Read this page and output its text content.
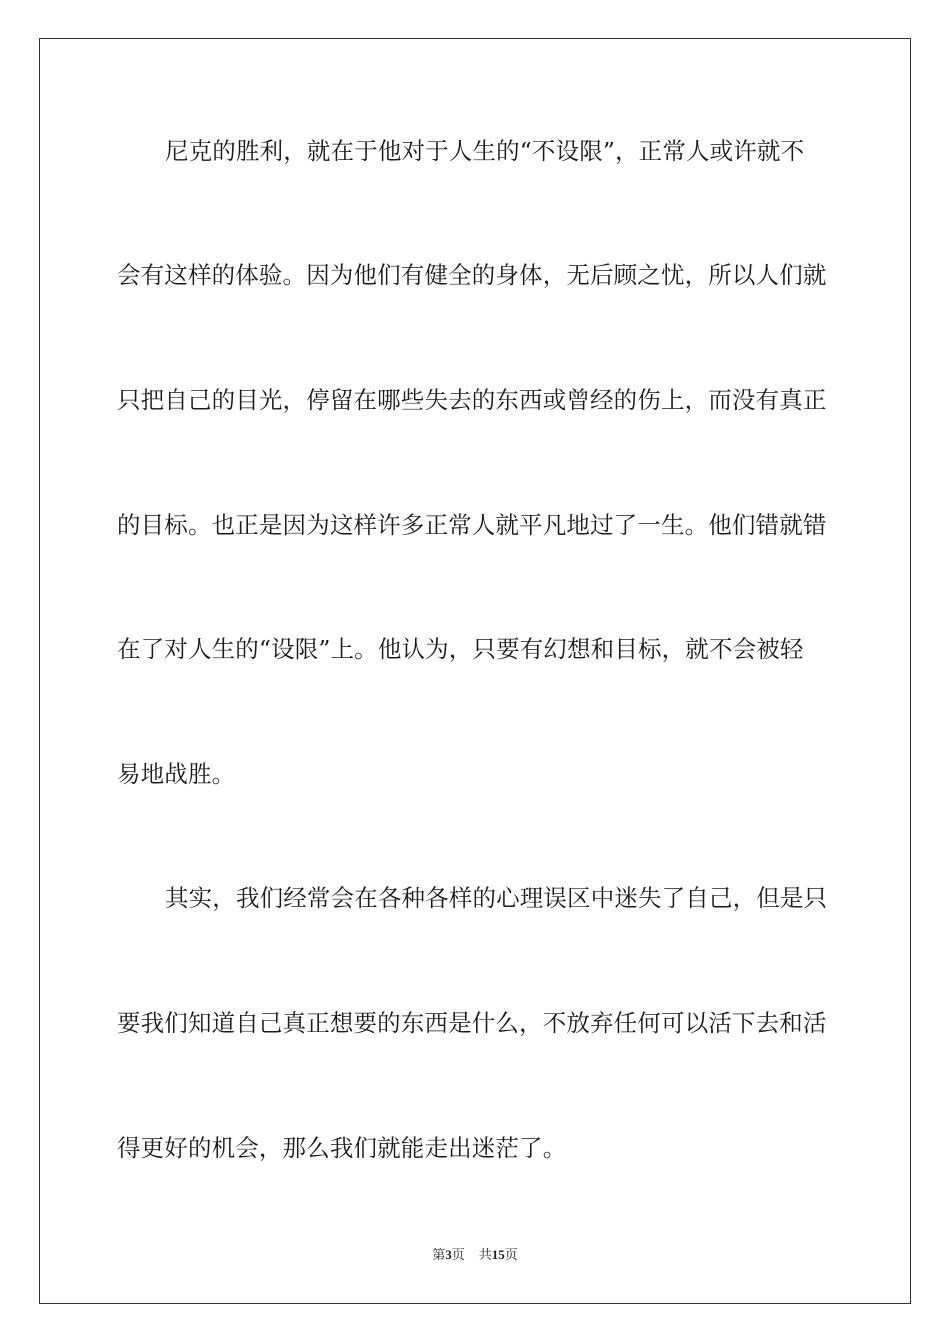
尼克的胜利，就在于他对于人生的“不设限”，正常人或许就不

会有这样的体验。因为他们有健全的身体，无后顾之忧，所以人们就

只把自己的目光，停留在哪些失去的东西或曾经的伤上，而没有真正

的目标。也正是因为这样许多正常人就平凡地过了一生。他们错就错

在了对人生的“设限”上。他认为，只要有幻想和目标，就不会被轻

易地战胜。

其实，我们经常会在各种各样的心理误区中迷失了自己，但是只

要我们知道自己真正想要的东西是什么，不放弃任何可以活下去和活

得更好的机会，那么我们就能走出迷茫了。

第3页 共15页
